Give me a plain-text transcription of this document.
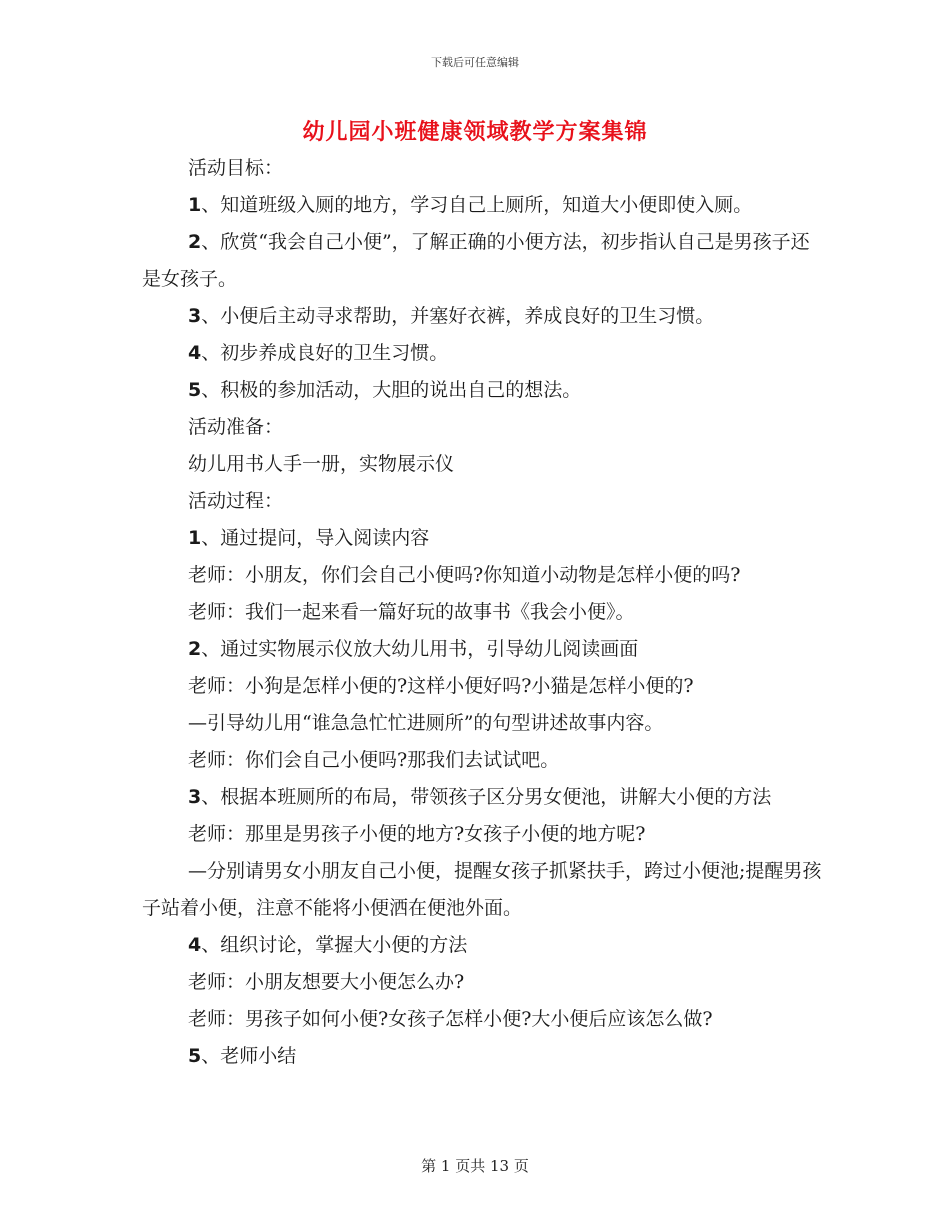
下载后可任意编辑
幼儿园小班健康领域教学方案集锦

活动目标：

1、知道班级入厕的地方，学习自己上厕所，知道大小便即使入厕。

2、欣赏“我会自己小便”，了解正确的小便方法，初步指认自己是男孩子还是女孩子。

3、小便后主动寻求帮助，并塞好衣裤，养成良好的卫生习惯。

4、初步养成良好的卫生习惯。

5、积极的参加活动，大胆的说出自己的想法。

活动准备：

幼儿用书人手一册，实物展示仪

活动过程：

1、通过提问，导入阅读内容

老师：小朋友，你们会自己小便吗?你知道小动物是怎样小便的吗?

老师：我们一起来看一篇好玩的故事书《我会小便》。

2、通过实物展示仪放大幼儿用书，引导幼儿阅读画面

老师：小狗是怎样小便的?这样小便好吗?小猫是怎样小便的?

—引导幼儿用“谁急急忙忙进厕所”的句型讲述故事内容。

老师：你们会自己小便吗?那我们去试试吧。

3、根据本班厕所的布局，带领孩子区分男女便池，讲解大小便的方法

老师：那里是男孩子小便的地方?女孩子小便的地方呢?

—分别请男女小朋友自己小便，提醒女孩子抓紧扶手，跨过小便池;提醒男孩子站着小便，注意不能将小便洒在便池外面。

4、组织讨论，掌握大小便的方法

老师：小朋友想要大小便怎么办?

老师：男孩子如何小便?女孩子怎样小便?大小便后应该怎么做?

5、老师小结

第 1 页共 13 页
